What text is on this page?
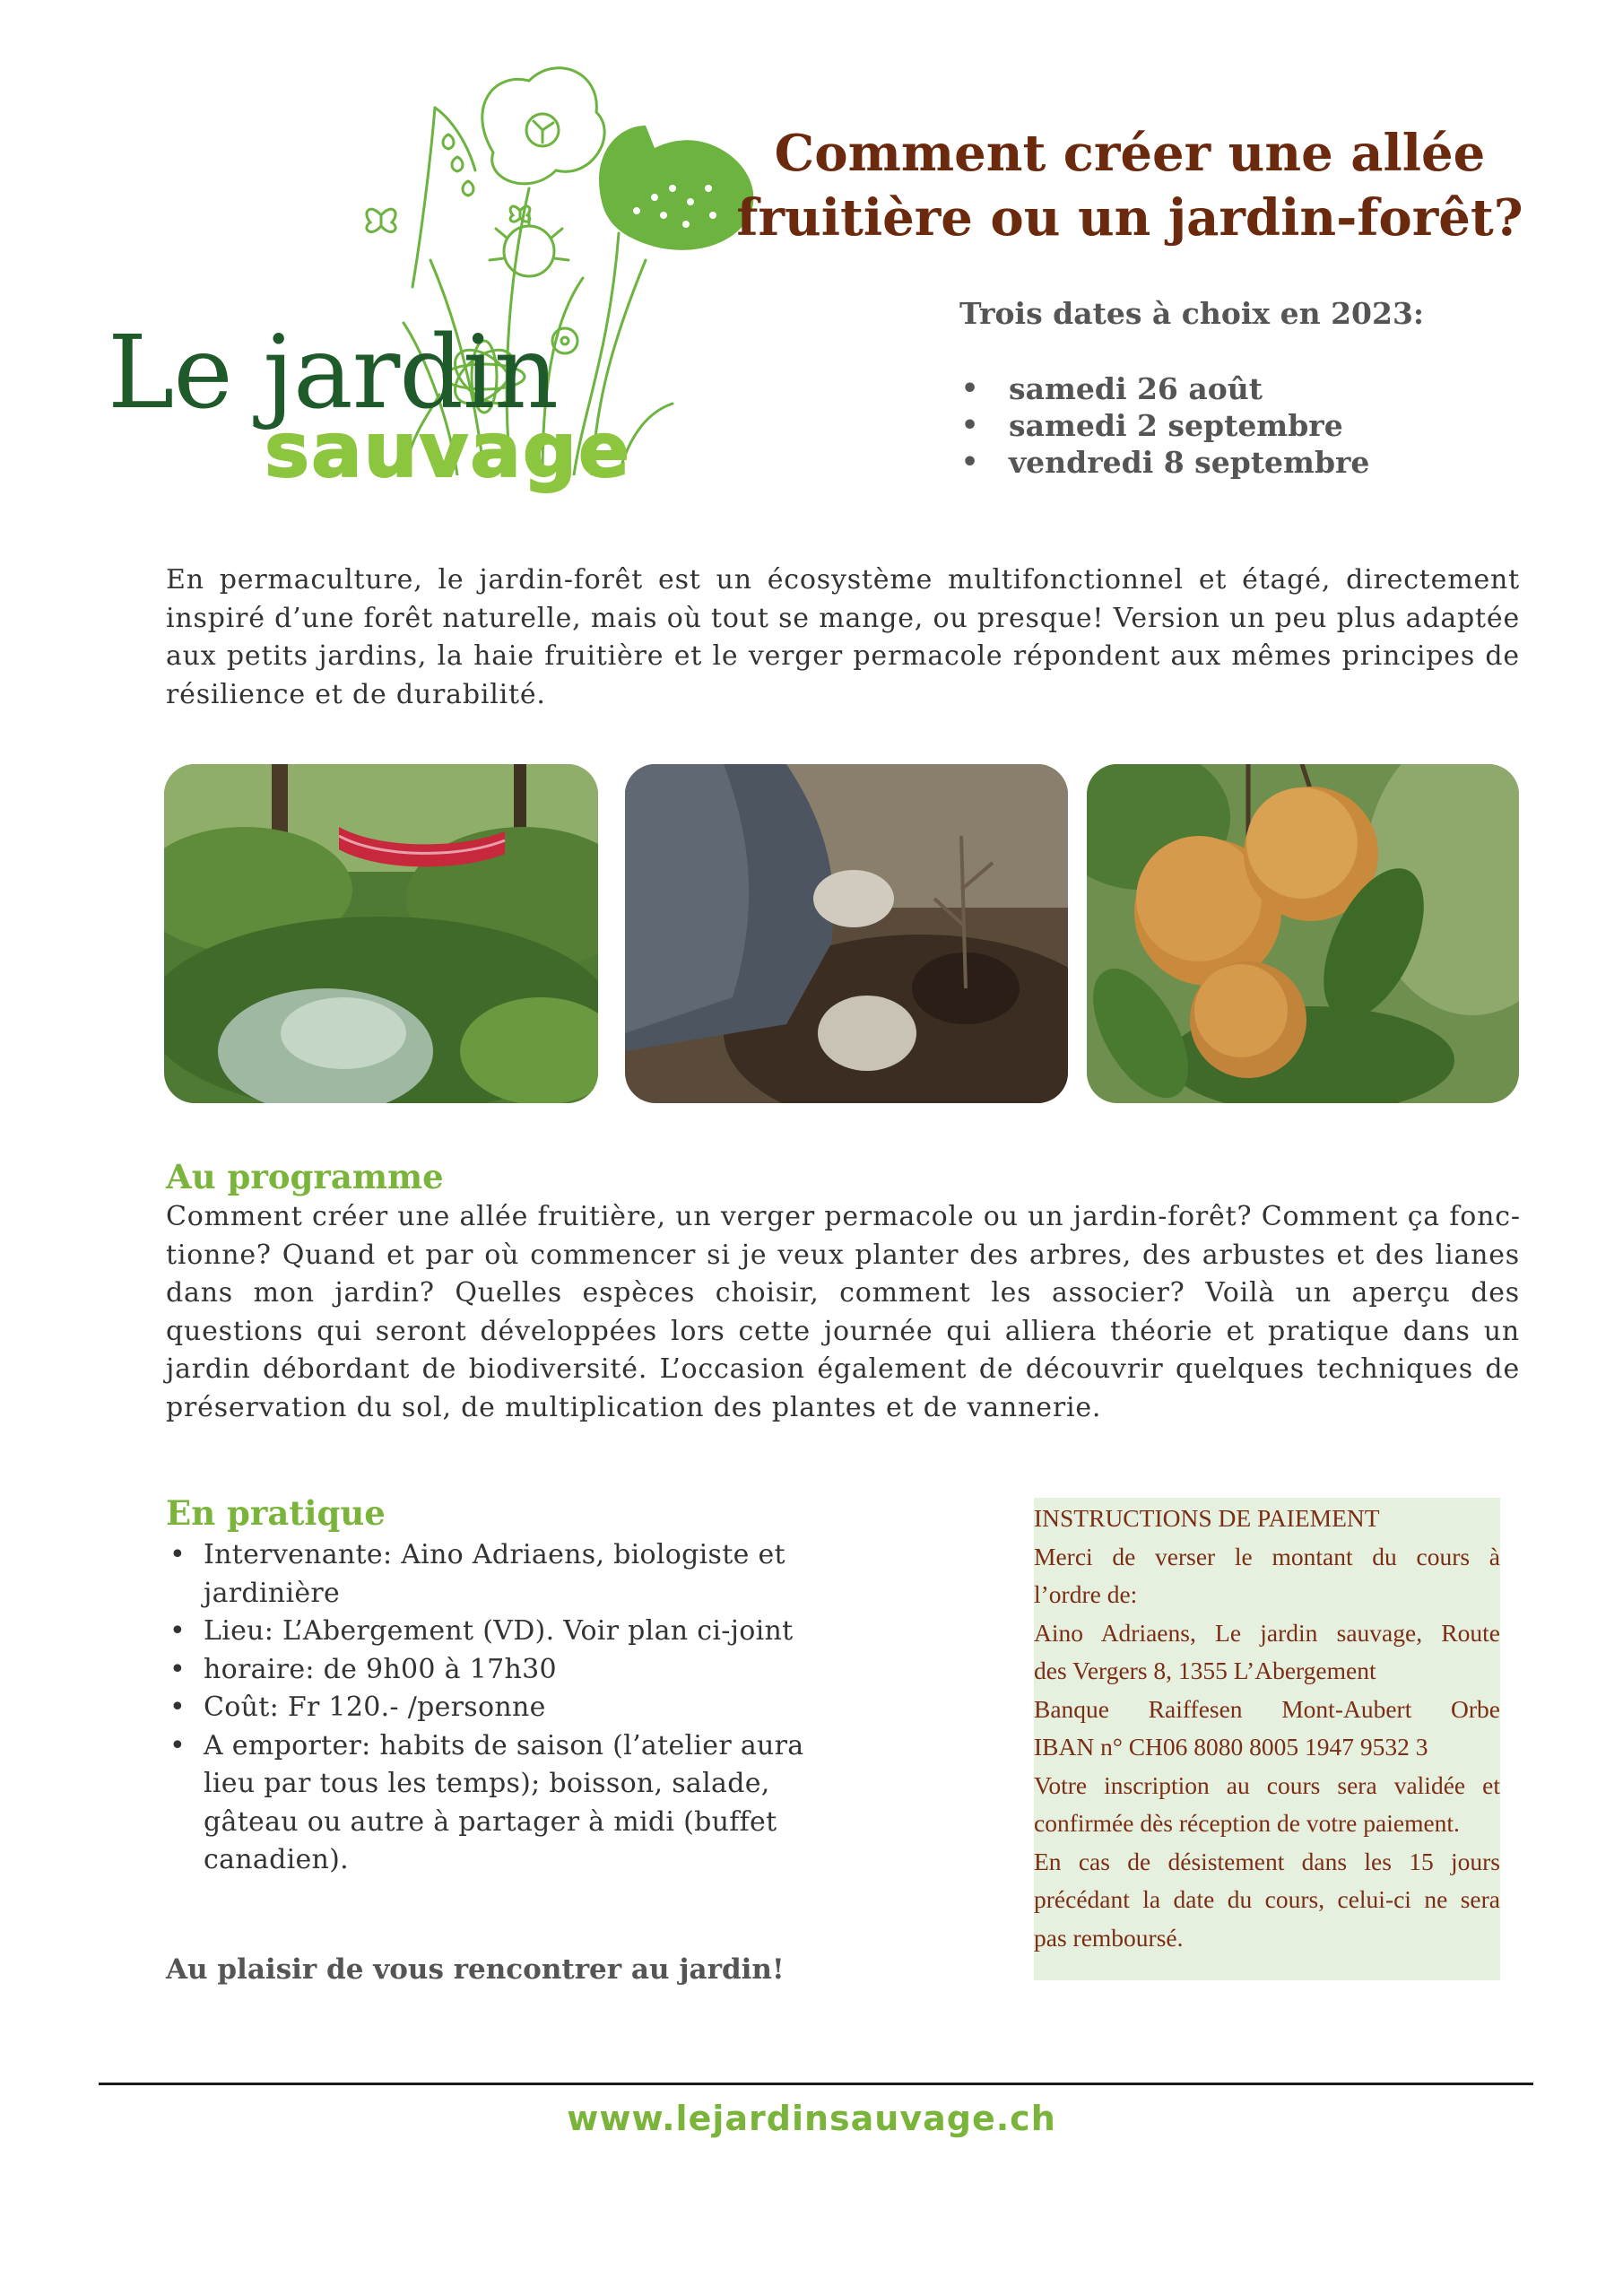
Le jardin
sauvage
Comment créer une allée
fruitière ou un jardin-forêt?
Trois dates à choix en 2023:
• samedi 26 août
• samedi 2 septembre
• vendredi 8 septembre

En permaculture, le jardin-forêt est un écosystème multifonctionnel et étagé, directement inspiré d’une forêt naturelle, mais où tout se mange, ou presque! Version un peu plus adaptée aux petits jardins, la haie fruitière et le verger permacole répondent aux mêmes principes de résilience et de durabilité.

Au programme

Comment créer une allée fruitière, un verger permacole ou un jardin-forêt? Comment ça fonctionne? Quand et par où commencer si je veux planter des arbres, des arbustes et des lianes dans mon jardin? Quelles espèces choisir, comment les associer? Voilà un aperçu des questions qui seront développées lors cette journée qui alliera théorie et pratique dans un jardin débordant de biodiversité. L’occasion également de découvrir quelques techniques de préservation du sol, de multiplication des plantes et de vannerie.

En pratique
• Intervenante: Aino Adriaens, biologiste et jardinière
• Lieu: L’Abergement (VD). Voir plan ci-joint
• horaire: de 9h00 à 17h30
• Coût: Fr 120.- /personne
• A emporter: habits de saison (l’atelier aura lieu par tous les temps); boisson, salade, gâteau ou autre à partager à midi (buffet canadien).
Au plaisir de vous rencontrer au jardin!
INSTRUCTIONS DE PAIEMENT
Merci de verser le montant du cours à
l’ordre de:
Aino Adriaens, Le jardin sauvage, Route
des Vergers 8, 1355 L’Abergement
Banque Raiffesen Mont-Aubert Orbe
IBAN n° CH06 8080 8005 1947 9532 3
Votre inscription au cours sera validée et
confirmée dès réception de votre paiement.
En cas de désistement dans les 15 jours
précédant la date du cours, celui-ci ne sera
pas remboursé.
www.lejardinsauvage.ch
